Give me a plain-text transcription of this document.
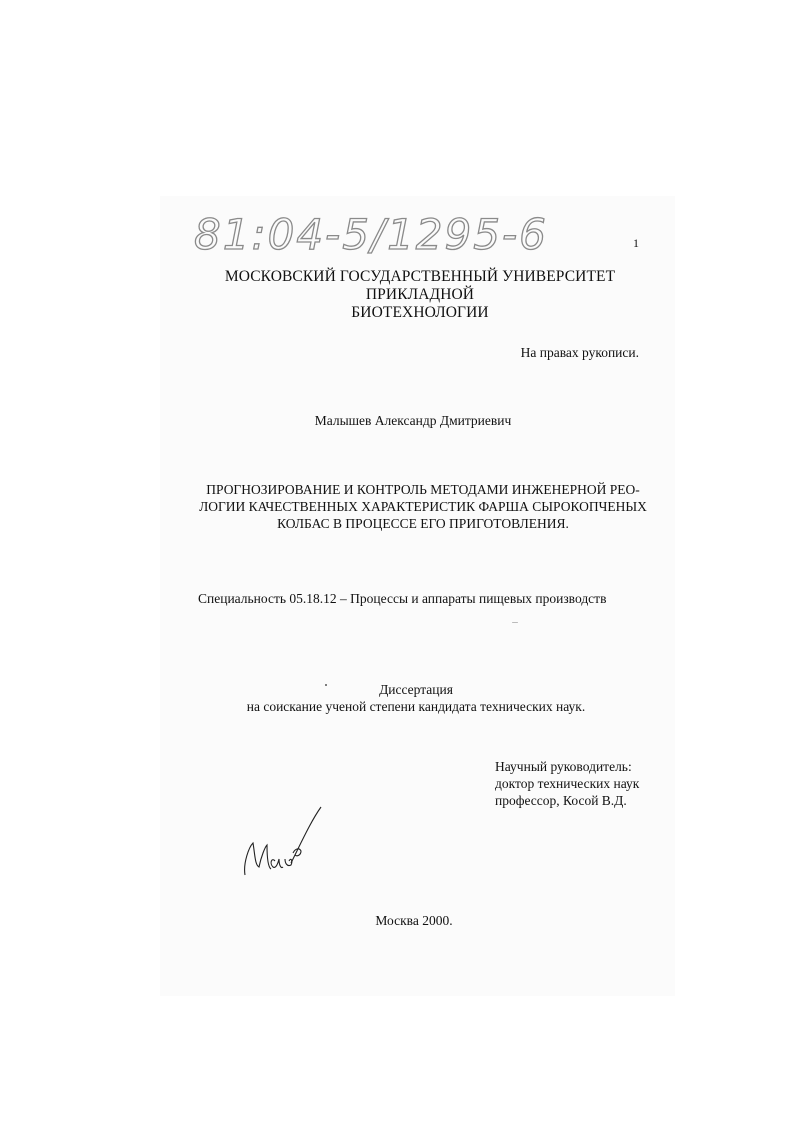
81:04-5/1295-6	1

МОСКОВСКИЙ ГОСУДАРСТВЕННЫЙ УНИВЕРСИТЕТ ПРИКЛАДНОЙ
БИОТЕХНОЛОГИИ

На правах рукописи.

Малышев Александр Дмитриевич

ПРОГНОЗИРОВАНИЕ И КОНТРОЛЬ МЕТОДАМИ ИНЖЕНЕРНОЙ РЕО-
ЛОГИИ КАЧЕСТВЕННЫХ ХАРАКТЕРИСТИК ФАРША СЫРОКОПЧЕНЫХ
КОЛБАС В ПРОЦЕССЕ ЕГО ПРИГОТОВЛЕНИЯ.

Специальность 05.18.12 – Процессы и аппараты пищевых производств

Диссертация
на соискание ученой степени кандидата технических наук.
Научный руководитель:
доктор технических наук
профессор, Косой В.Д.

Москва 2000.
